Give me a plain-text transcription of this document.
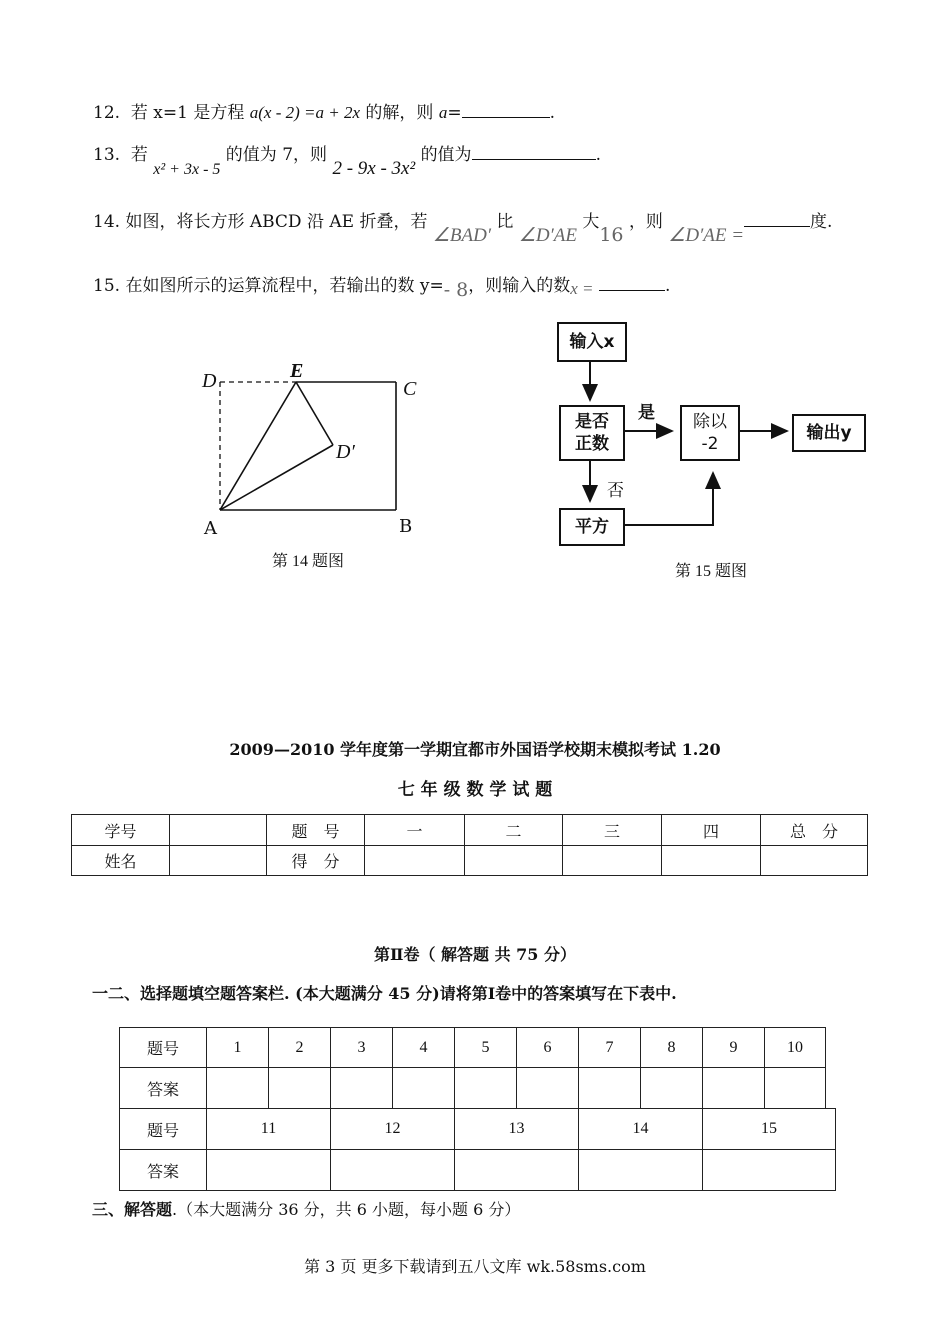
12. 若 x=1 是方程 a(x - 2) =a + 2x 的解，则 a=	.
13. 若 x² + 3x - 5 的值为 7，则 2 - 9x - 3x² 的值为	.
14. 如图，将长方形 ABCD 沿 AE 折叠，若 ∠BAD′ 比 ∠D′AE 大16 ，则 ∠D′AE =度.
15. 在如图所示的运算流程中，若输出的数 y=- 8，则输入的数x =	.
D	E
C
D′
A	B
第 14 题图
输入x
是否
正数
是 除以
-2
输出y
否
平方
第 15 题图
2009—2010 学年度第一学期宜都市外国语学校期末模拟考试 1.20
七 年 级 数 学 试 题
学号		题　号	一	二	三	四	总　分
姓名		得　分					
第Ⅱ卷（ 解答题 共 75 分）
一二、选择题填空题答案栏. (本大题满分 45 分)请将第Ⅰ卷中的答案填写在下表中.
题号	1	2	3	4	5	6	7	8	9	10
答案										
题号	11	12	13	14	15
答案					
三、解答题.（本大题满分 36 分，共 6 小题，每小题 6 分）
第 3 页 更多下载请到五八文库 wk.58sms.com
